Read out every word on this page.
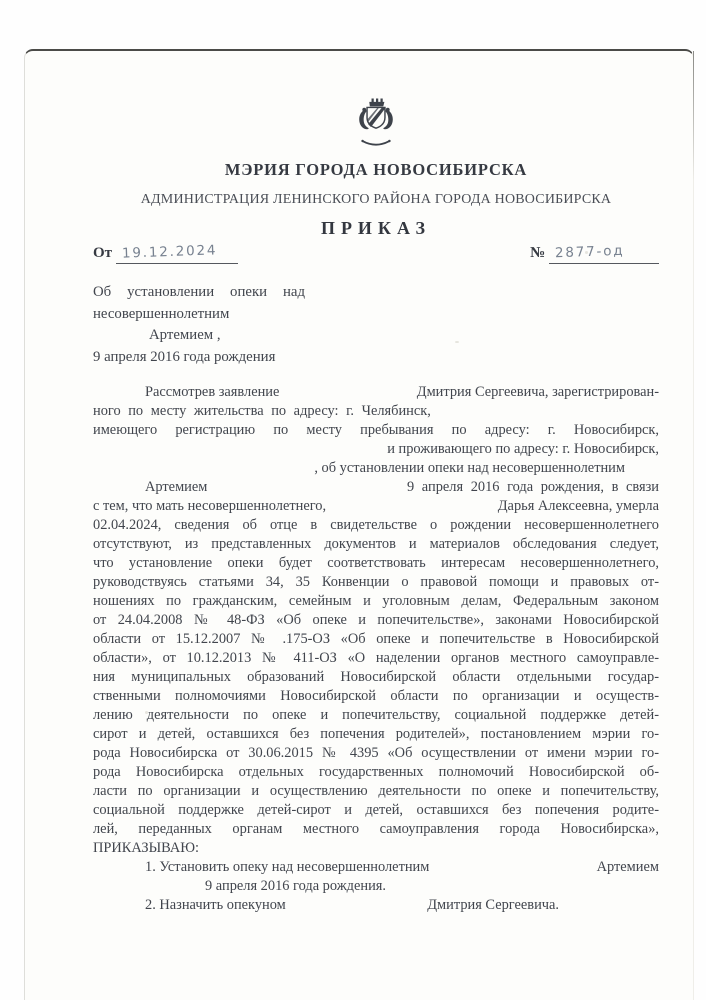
МЭРИЯ ГОРОДА НОВОСИБИРСКА
АДМИНИСТРАЦИЯ ЛЕНИНСКОГО РАЙОНА ГОРОДА НОВОСИБИРСКА
ПРИКАЗ
От 19.12.2024	№ 2877-од
Об установлении опеки над
несовершеннолетним
Артемием ,
9 апреля 2016 года рождения
Рассмотрев заявление	Дмитрия Сергеевича, зарегистрирован-
ного по месту жительства по адресу: г. Челябинск,
имеющего регистрацию по месту пребывания по адресу: г. Новосибирск,
и проживающего по адресу: г. Новосибирск,
, об установлении опеки над несовершеннолетним
Артемием	9 апреля 2016 года рождения, в связи
с тем, что мать несовершеннолетнего,	Дарья Алексеевна, умерла
02.04.2024, сведения об отце в свидетельстве о рождении несовершеннолетнего
отсутствуют, из представленных документов и материалов обследования следует,
что установление опеки будет соответствовать интересам несовершеннолетнего,
руководствуясь статьями 34, 35 Конвенции о правовой помощи и правовых от-
ношениях по гражданским, семейным и уголовным делам, Федеральным законом
от 24.04.2008 № 48-ФЗ «Об опеке и попечительстве», законами Новосибирской
области от 15.12.2007 № .175-ОЗ «Об опеке и попечительстве в Новосибирской
области», от 10.12.2013 № 411-ОЗ «О наделении органов местного самоуправле-
ния муниципальных образований Новосибирской области отдельными государ-
ственными полномочиями Новосибирской области по организации и осуществ-
лению деятельности по опеке и попечительству, социальной поддержке детей-
сирот и детей, оставшихся без попечения родителей», постановлением мэрии го-
рода Новосибирска от 30.06.2015 № 4395 «Об осуществлении от имени мэрии го-
рода Новосибирска отдельных государственных полномочий Новосибирской об-
ласти по организации и осуществлению деятельности по опеке и попечительству,
социальной поддержке детей-сирот и детей, оставшихся без попечения родите-
лей, переданных органам местного самоуправления города Новосибирска»,
ПРИКАЗЫВАЮ:
1. Установить опеку над несовершеннолетним	Артемием
9 апреля 2016 года рождения.
2. Назначить опекуном	Дмитрия Сергеевича.
